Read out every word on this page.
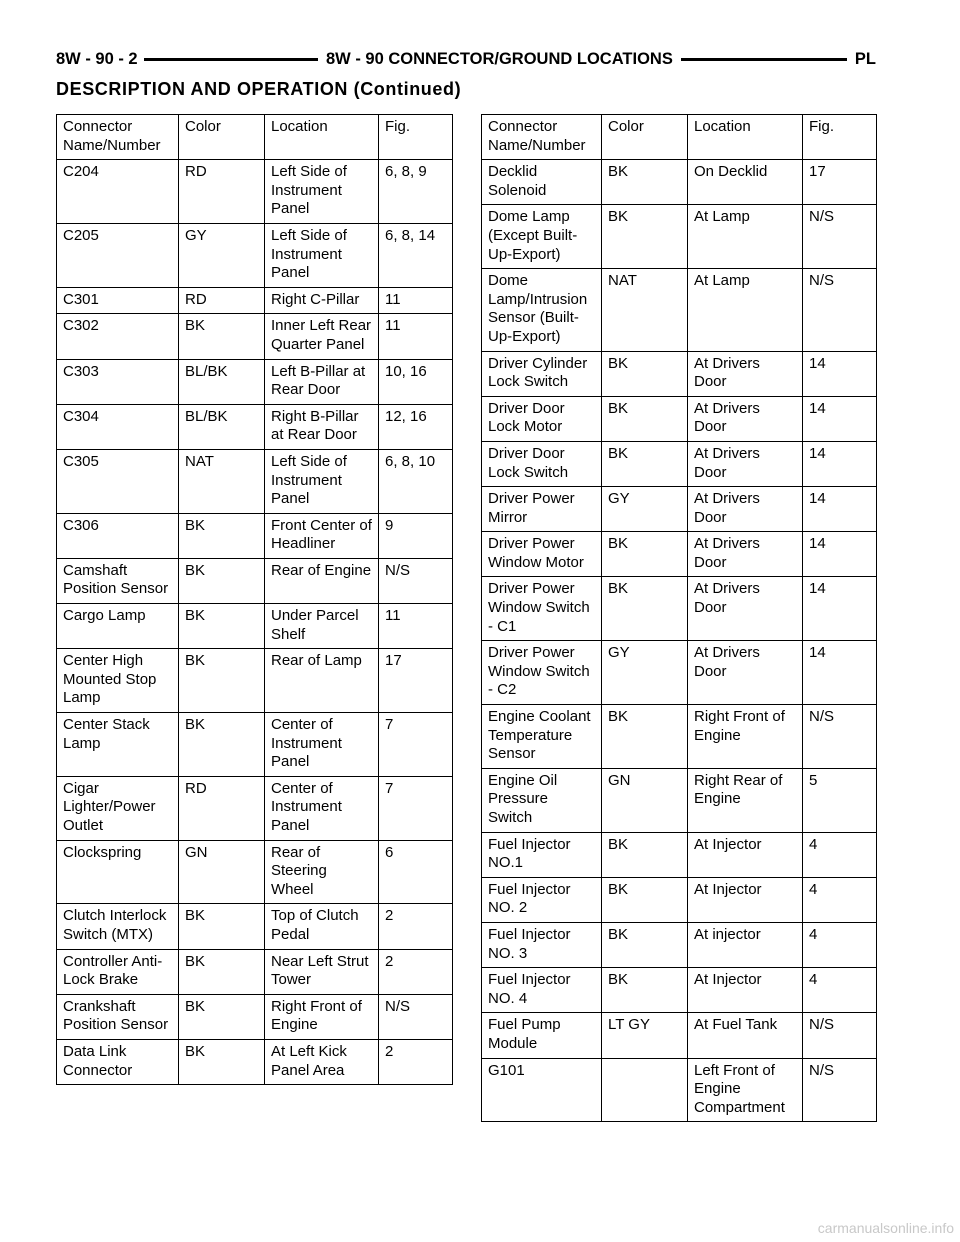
8W - 90 - 2	8W - 90 CONNECTOR/GROUND LOCATIONS	PL
DESCRIPTION AND OPERATION (Continued)
Connector Name/Number	Color	Location	Fig.
C204	RD	Left Side of Instrument Panel	6, 8, 9
C205	GY	Left Side of Instrument Panel	6, 8, 14
C301	RD	Right C-Pillar	11
C302	BK	Inner Left Rear Quarter Panel	11
C303	BL/BK	Left B-Pillar at Rear Door	10, 16
C304	BL/BK	Right B-Pillar at Rear Door	12, 16
C305	NAT	Left Side of Instrument Panel	6, 8, 10
C306	BK	Front Center of Headliner	9
Camshaft Position Sensor	BK	Rear of Engine	N/S
Cargo Lamp	BK	Under Parcel Shelf	11
Center High Mounted Stop Lamp	BK	Rear of Lamp	17
Center Stack Lamp	BK	Center of Instrument Panel	7
Cigar Lighter/Power Outlet	RD	Center of Instrument Panel	7
Clockspring	GN	Rear of Steering Wheel	6
Clutch Interlock Switch (MTX)	BK	Top of Clutch Pedal	2
Controller Anti-Lock Brake	BK	Near Left Strut Tower	2
Crankshaft Position Sensor	BK	Right Front of Engine	N/S
Data Link Connector	BK	At Left Kick Panel Area	2
Connector Name/Number	Color	Location	Fig.
Decklid Solenoid	BK	On Decklid	17
Dome Lamp (Except Built-Up-Export)	BK	At Lamp	N/S
Dome Lamp/Intrusion Sensor (Built-Up-Export)	NAT	At Lamp	N/S
Driver Cylinder Lock Switch	BK	At Drivers Door	14
Driver Door Lock Motor	BK	At Drivers Door	14
Driver Door Lock Switch	BK	At Drivers Door	14
Driver Power Mirror	GY	At Drivers Door	14
Driver Power Window Motor	BK	At Drivers Door	14
Driver Power Window Switch - C1	BK	At Drivers Door	14
Driver Power Window Switch - C2	GY	At Drivers Door	14
Engine Coolant Temperature Sensor	BK	Right Front of Engine	N/S
Engine Oil Pressure Switch	GN	Right Rear of Engine	5
Fuel Injector NO.1	BK	At Injector	4
Fuel Injector NO. 2	BK	At Injector	4
Fuel Injector NO. 3	BK	At injector	4
Fuel Injector NO. 4	BK	At Injector	4
Fuel Pump Module	LT GY	At Fuel Tank	N/S
G101		Left Front of Engine Compartment	N/S
carmanualsonline.info
